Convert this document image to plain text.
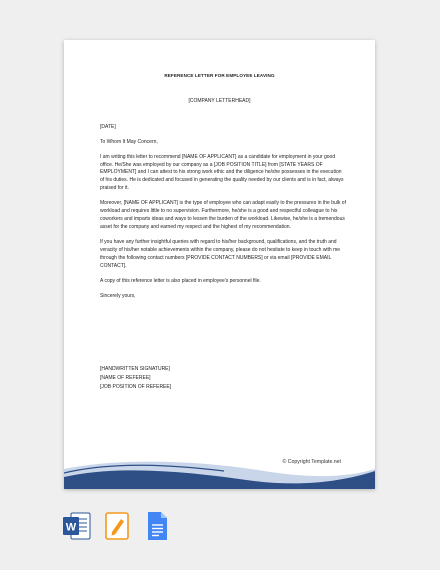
REFERENCE LETTER FOR EMPLOYEE LEAVING
[COMPANY LETTERHEAD]

[DATE]

To Whom It May Concern,

I am writing this letter to recommend [NAME OF APPLICANT] as a candidate for employment in your good office. He/She was employed by our company as a [JOB POSITION TITLE] from [STATE YEARS OF EMPLOYMENT] and I can attest to his strong work ethic and the diligence he/she possesses in the execution of his duties. He is dedicated and focused in generating the quality needed by our clients and is in fact, always praised for it.

Moreover, [NAME OF APPLICANT] is the type of employee who can adapt easily to the pressures in the bulk of workload and requires little to no supervision. Furthermore, he/she is a good and respectful colleague to his coworkers and imparts ideas and ways to lessen the burden of the workload. Likewise, he/she is a tremendous asset for the company and earned my respect and the highest of my recommendation.

If you have any further insightful queries with regard to his/her background, qualifications, and the truth and veracity of his/her notable achievements within the company, please do not hesitate to keep in touch with me through the following contact numbers [PROVIDE CONTACT NUMBERS] or via email [PROVIDE EMAIL CONTACT].

A copy of this reference letter is also placed in employee's personnel file.

Sincerely yours,

[HANDWRITTEN SIGNATURE]
[NAME OF REFEREE]
[JOB POSITION OF REFEREE]
© Copyright Template.net
W
